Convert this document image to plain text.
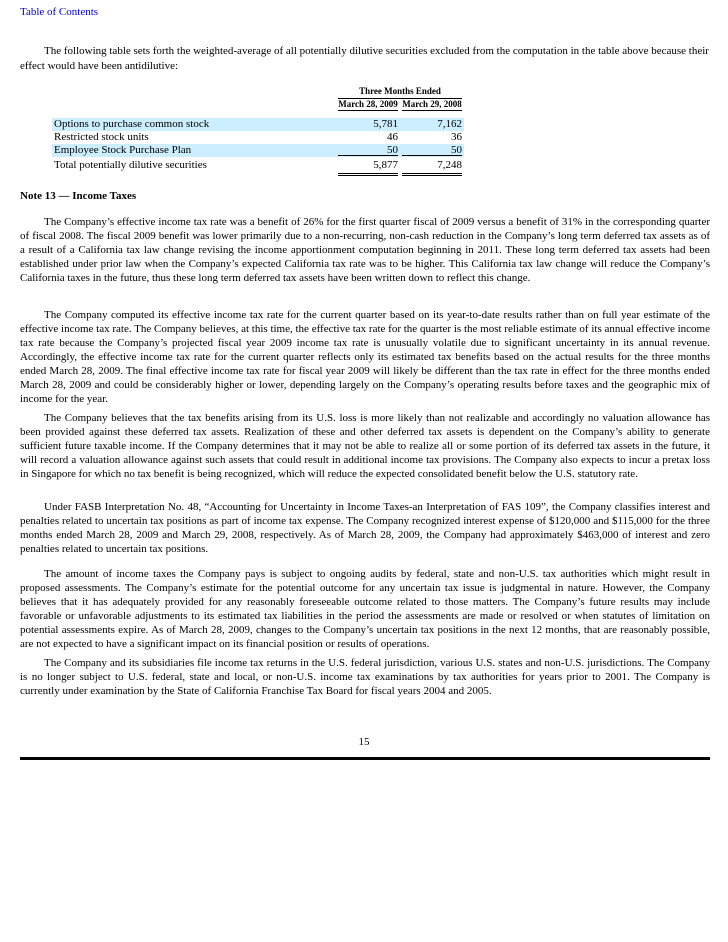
Table of Contents

The following table sets forth the weighted-average of all potentially dilutive securities excluded from the computation in the table above because their effect would have been antidilutive:

Three Months Ended
March 28, 2009 March 29, 2008
Options to purchase common stock	5,781	7,162
Restricted stock units	46	36
Employee Stock Purchase Plan	50	50
Total potentially dilutive securities	5,877	7,248

Note 13 — Income Taxes

The Company’s effective income tax rate was a benefit of 26% for the first quarter fiscal of 2009 versus a benefit of 31% in the corresponding quarter of fiscal 2008. The fiscal 2009 benefit was lower primarily due to a non-recurring, non-cash reduction in the Company’s long term deferred tax assets as of a result of a California tax law change revising the income apportionment computation beginning in 2011. These long term deferred tax assets had been established under prior law when the Company’s expected California tax rate was to be higher. This California tax law change will reduce the Company’s California taxes in the future, thus these long term deferred tax assets have been written down to reflect this change.

The Company computed its effective income tax rate for the current quarter based on its year-to-date results rather than on full year estimate of the effective income tax rate. The Company believes, at this time, the effective tax rate for the quarter is the most reliable estimate of its annual effective income tax rate because the Company’s projected fiscal year 2009 income tax rate is unusually volatile due to significant uncertainty in its annual revenue. Accordingly, the effective income tax rate for the current quarter reflects only its estimated tax benefits based on the actual results for the three months ended March 28, 2009. The final effective income tax rate for fiscal year 2009 will likely be different than the tax rate in effect for the three months ended March 28, 2009 and could be considerably higher or lower, depending largely on the Company’s operating results before taxes and the geographic mix of income for the year.

The Company believes that the tax benefits arising from its U.S. loss is more likely than not realizable and accordingly no valuation allowance has been provided against these deferred tax assets. Realization of these and other deferred tax assets is dependent on the Company’s ability to generate sufficient future taxable income. If the Company determines that it may not be able to realize all or some portion of its deferred tax assets in the future, it will record a valuation allowance against such assets that could result in additional income tax provisions. The Company also expects to incur a pretax loss in Singapore for which no tax benefit is being recognized, which will reduce the expected consolidated benefit below the U.S. statutory rate.

Under FASB Interpretation No. 48, “Accounting for Uncertainty in Income Taxes-an Interpretation of FAS 109”, the Company classifies interest and penalties related to uncertain tax positions as part of income tax expense. The Company recognized interest expense of $120,000 and $115,000 for the three months ended March 28, 2009 and March 29, 2008, respectively. As of March 28, 2009, the Company had approximately $463,000 of interest and zero penalties related to uncertain tax positions.

The amount of income taxes the Company pays is subject to ongoing audits by federal, state and non-U.S. tax authorities which might result in proposed assessments. The Company’s estimate for the potential outcome for any uncertain tax issue is judgmental in nature. However, the Company believes that it has adequately provided for any reasonably foreseeable outcome related to those matters. The Company’s future results may include favorable or unfavorable adjustments to its estimated tax liabilities in the period the assessments are made or resolved or when statutes of limitation on potential assessments expire. As of March 28, 2009, changes to the Company’s uncertain tax positions in the next 12 months, that are reasonably possible, are not expected to have a significant impact on its financial position or results of operations.

The Company and its subsidiaries file income tax returns in the U.S. federal jurisdiction, various U.S. states and non-U.S. jurisdictions. The Company is no longer subject to U.S. federal, state and local, or non-U.S. income tax examinations by tax authorities for years prior to 2001. The Company is currently under examination by the State of California Franchise Tax Board for fiscal years 2004 and 2005.

15
